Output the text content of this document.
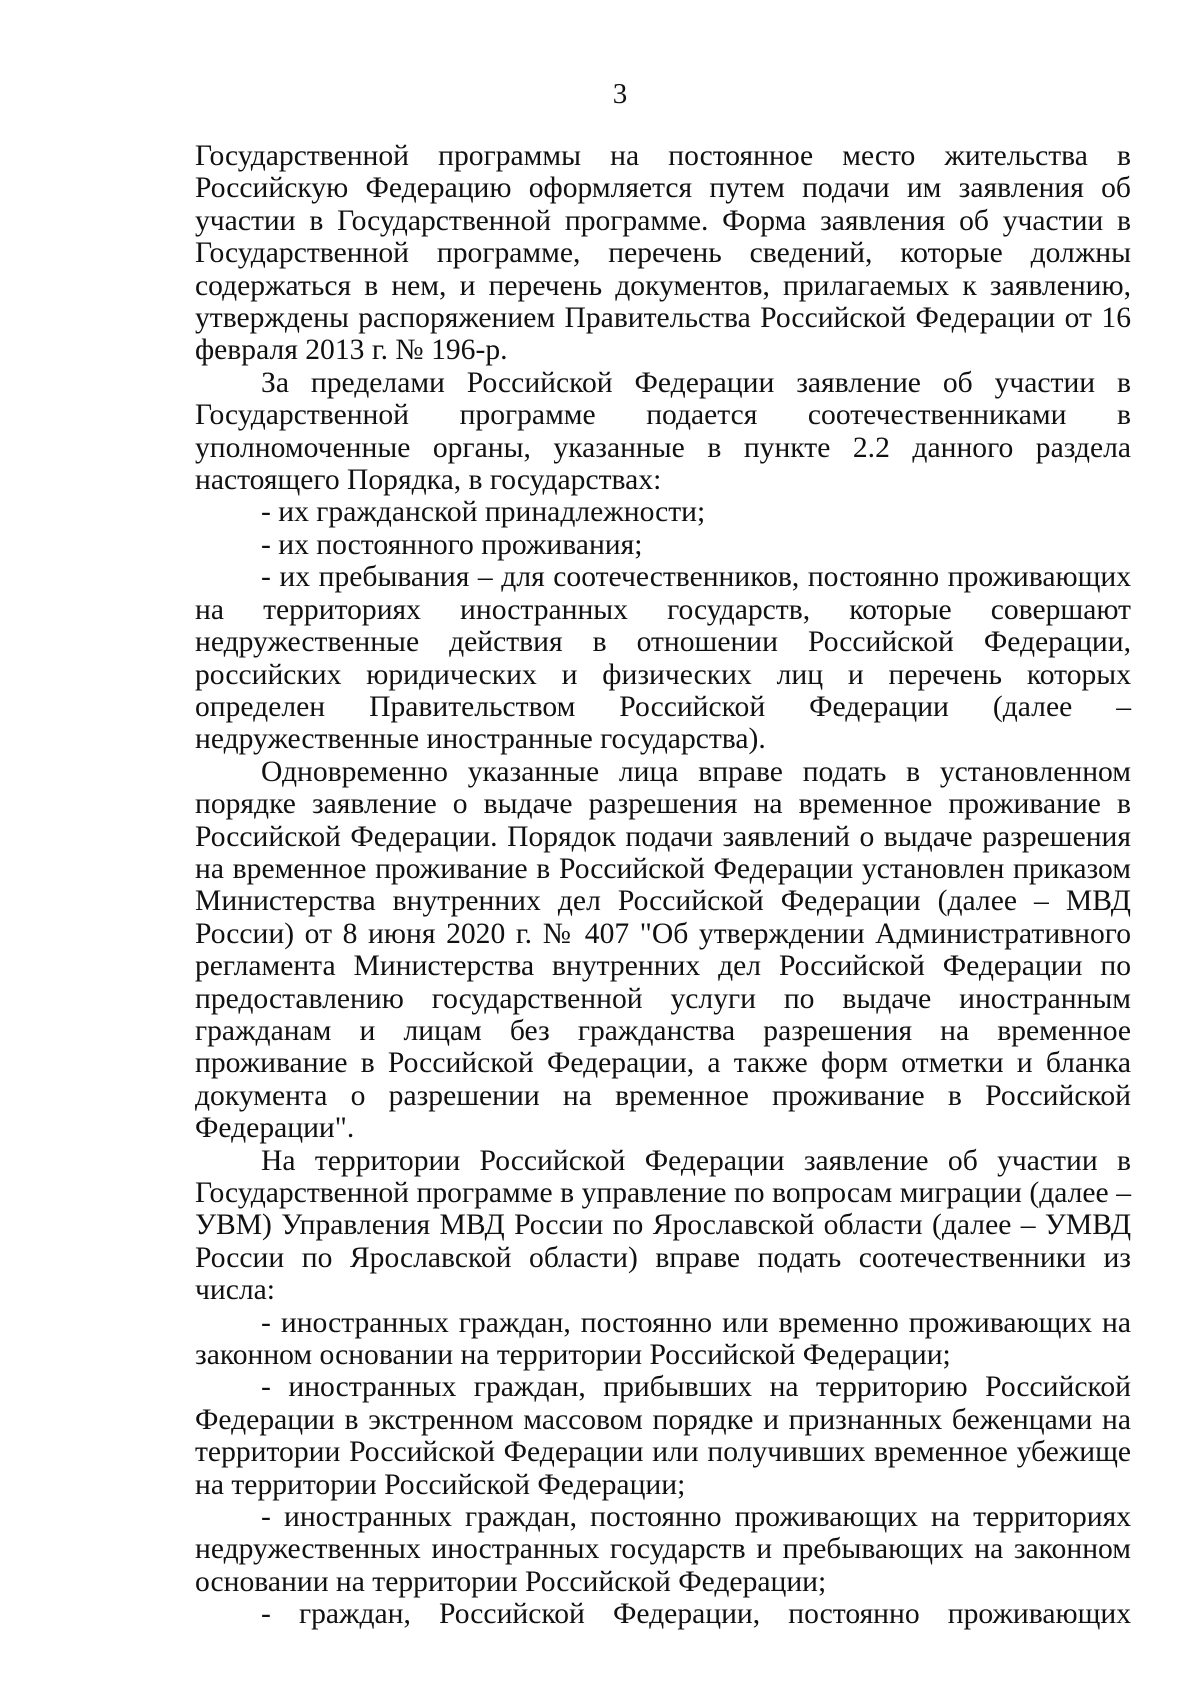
3

Государственной программы на постоянное место жительства в Российскую Федерацию оформляется путем подачи им заявления об участии в Государственной программе. Форма заявления об участии в Государственной программе, перечень сведений, которые должны содержаться в нем, и перечень документов, прилагаемых к заявлению, утверждены распоряжением Правительства Российской Федерации от 16 февраля 2013 г. № 196-р.

За пределами Российской Федерации заявление об участии в Государственной программе подается соотечественниками в уполномоченные органы, указанные в пункте 2.2 данного раздела настоящего Порядка, в государствах:

- их гражданской принадлежности;

- их постоянного проживания;

- их пребывания – для соотечественников, постоянно проживающих на территориях иностранных государств, которые совершают недружественные действия в отношении Российской Федерации, российских юридических и физических лиц и перечень которых определен Правительством Российской Федерации (далее – недружественные иностранные государства).

Одновременно указанные лица вправе подать в установленном порядке заявление о выдаче разрешения на временное проживание в Российской Федерации. Порядок подачи заявлений о выдаче разрешения на временное проживание в Российской Федерации установлен приказом Министерства внутренних дел Российской Федерации (далее – МВД России) от 8 июня 2020 г. № 407 "Об утверждении Административного регламента Министерства внутренних дел Российской Федерации по предоставлению государственной услуги по выдаче иностранным гражданам и лицам без гражданства разрешения на временное проживание в Российской Федерации, а также форм отметки и бланка документа о разрешении на временное проживание в Российской Федерации".

На территории Российской Федерации заявление об участии в Государственной программе в управление по вопросам миграции (далее – УВМ) Управления МВД России по Ярославской области (далее – УМВД России по Ярославской области) вправе подать соотечественники из числа:

- иностранных граждан, постоянно или временно проживающих на законном основании на территории Российской Федерации;

- иностранных граждан, прибывших на территорию Российской Федерации в экстренном массовом порядке и признанных беженцами на территории Российской Федерации или получивших временное убежище на территории Российской Федерации;

- иностранных граждан, постоянно проживающих на территориях недружественных иностранных государств и пребывающих на законном основании на территории Российской Федерации;

- граждан, Российской Федерации, постоянно проживающих
